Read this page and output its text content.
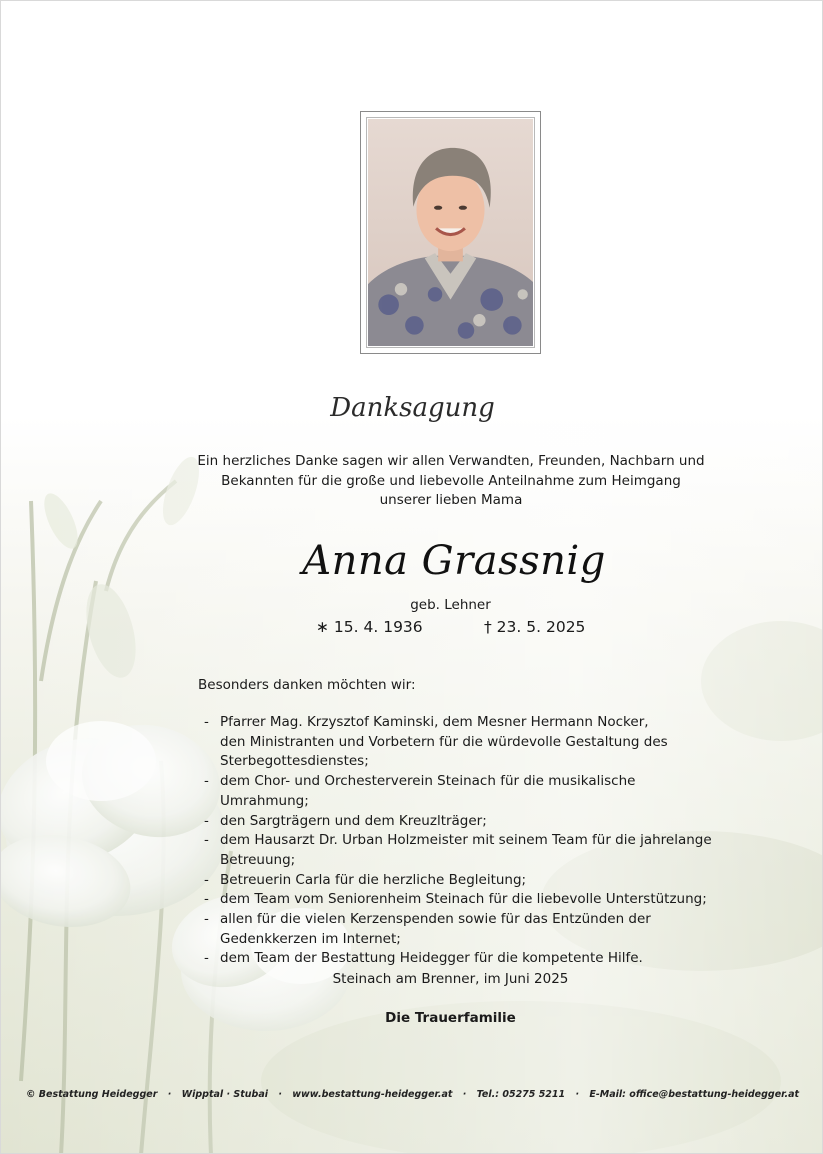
Danksagung
Ein herzliches Danke sagen wir allen Verwandten, Freunden, Nachbarn und
Bekannten für die große und liebevolle Anteilnahme zum Heimgang
unserer lieben Mama
Anna Grassnig
geb. Lehner
∗ 15. 4. 1936	† 23. 5. 2025
Besonders danken möchten wir:
- Pfarrer Mag. Krzysztof Kaminski, dem Mesner Hermann Nocker,
den Ministranten und Vorbetern für die würdevolle Gestaltung des
Sterbegottesdienstes;
- dem Chor- und Orchesterverein Steinach für die musikalische Umrahmung;
- den Sargträgern und dem Kreuzlträger;
- dem Hausarzt Dr. Urban Holzmeister mit seinem Team für die jahrelange
Betreuung;
- Betreuerin Carla für die herzliche Begleitung;
- dem Team vom Seniorenheim Steinach für die liebevolle Unterstützung;
- allen für die vielen Kerzenspenden sowie für das Entzünden der
Gedenkkerzen im Internet;
- dem Team der Bestattung Heidegger für die kompetente Hilfe.
Steinach am Brenner, im Juni 2025
Die Trauerfamilie
© Bestattung Heidegger · Wipptal · Stubai · www.bestattung-heidegger.at · Tel.: 05275 5211 · E-Mail: office@bestattung-heidegger.at
